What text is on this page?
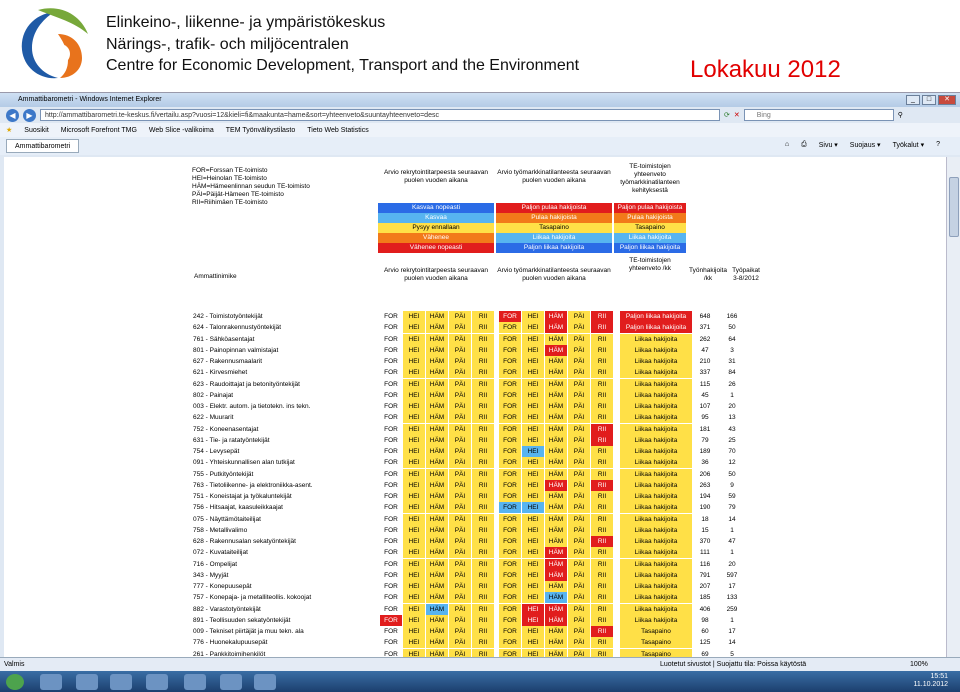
Elinkeino-, liikenne- ja ympäristökeskus
Närings-, trafik- och miljöcentralen
Centre for Economic Development, Transport and the Environment	Lokakuu 2012
Ammattibarometri - Windows Internet Explorer	_	□	✕
◀	▶	http://ammattibarometri.te-keskus.fi/vertailu.asp?vuosi=12&kieli=fi&maakunta=hame&sort=yhteenveto&suuntayhteenveto=desc	⟳ ✕	Bing	⚲
★ Suosikit Microsoft Forefront TMG Web Slice -valikoima TEM Työnvälitystilasto Tieto Web Statistics
Ammattibarometri	⌂ ⎙ Sivu ▾ Suojaus ▾ Työkalut ▾ ?
FOR=Forssan TE-toimisto
HEI=Heinolan TE-toimisto
HÄM=Hämeenlinnan seudun TE-toimisto
PÄI=Päijät-Hämeen TE-toimisto
RII=Riihimäen TE-toimisto
Arvio rekrytointitarpeesta seuraavan puolen vuoden aikana
Arvio työmarkkinatilanteesta seuraavan puolen vuoden aikana
TE-toimistojen yhteenveto työmarkkinatilanteen kehityksestä
Kasvaa nopeasti	Paljon pulaa hakijoista	Paljon pulaa hakijoista
Kasvaa	Pulaa hakijoista	Pulaa hakijoista
Pysyy ennallaan	Tasapaino	Tasapaino
Vähenee	Liikaa hakijoita	Liikaa hakijoita
Vähenee nopeasti	Paljon liikaa hakijoita	Paljon liikaa hakijoita
Ammattinimike
Arvio rekrytointitarpeesta seuraavan puolen vuoden aikana
Arvio työmarkkinatilanteesta seuraavan puolen vuoden aikana
TE-toimistojen yhteenveto /kk	Työnhakijoita /kk
Työpaikat 3-8/2012
242 - Toimistotyöntekijät	FOR	HEI	HÄM	PÄI	RII	FOR	HEI	HÄM	PÄI	RII	Paljon liikaa hakijoita	648	166
624 - Talonrakennustyöntekijät	FOR	HEI	HÄM	PÄI	RII	FOR	HEI	HÄM	PÄI	RII	Paljon liikaa hakijoita	371	50
761 - Sähköasentajat	FOR	HEI	HÄM	PÄI	RII	FOR	HEI	HÄM	PÄI	RII	Liikaa hakijoita	262	64
801 - Painopinnan valmistajat	FOR	HEI	HÄM	PÄI	RII	FOR	HEI	HÄM	PÄI	RII	Liikaa hakijoita	47	3
627 - Rakennusmaalarit	FOR	HEI	HÄM	PÄI	RII	FOR	HEI	HÄM	PÄI	RII	Liikaa hakijoita	210	31
621 - Kirvesmiehet	FOR	HEI	HÄM	PÄI	RII	FOR	HEI	HÄM	PÄI	RII	Liikaa hakijoita	337	84
623 - Raudoittajat ja betonityöntekijät	FOR	HEI	HÄM	PÄI	RII	FOR	HEI	HÄM	PÄI	RII	Liikaa hakijoita	115	26
802 - Painajat	FOR	HEI	HÄM	PÄI	RII	FOR	HEI	HÄM	PÄI	RII	Liikaa hakijoita	45	1
003 - Elektr. autom. ja tietotekn. ins tekn.	FOR	HEI	HÄM	PÄI	RII	FOR	HEI	HÄM	PÄI	RII	Liikaa hakijoita	107	20
622 - Muurarit	FOR	HEI	HÄM	PÄI	RII	FOR	HEI	HÄM	PÄI	RII	Liikaa hakijoita	95	13
752 - Koneenasentajat	FOR	HEI	HÄM	PÄI	RII	FOR	HEI	HÄM	PÄI	RII	Liikaa hakijoita	181	43
631 - Tie- ja ratatyöntekijät	FOR	HEI	HÄM	PÄI	RII	FOR	HEI	HÄM	PÄI	RII	Liikaa hakijoita	79	25
754 - Levysepät	FOR	HEI	HÄM	PÄI	RII	FOR	HEI	HÄM	PÄI	RII	Liikaa hakijoita	189	70
091 - Yhteiskunnallisen alan tutkijat	FOR	HEI	HÄM	PÄI	RII	FOR	HEI	HÄM	PÄI	RII	Liikaa hakijoita	36	12
755 - Putkityöntekijät	FOR	HEI	HÄM	PÄI	RII	FOR	HEI	HÄM	PÄI	RII	Liikaa hakijoita	206	50
763 - Tietoliikenne- ja elektroniikka-asent.	FOR	HEI	HÄM	PÄI	RII	FOR	HEI	HÄM	PÄI	RII	Liikaa hakijoita	263	9
751 - Koneistajat ja työkaluntekijät	FOR	HEI	HÄM	PÄI	RII	FOR	HEI	HÄM	PÄI	RII	Liikaa hakijoita	194	59
756 - Hitsaajat, kaasuleikkaajat	FOR	HEI	HÄM	PÄI	RII	FOR	HEI	HÄM	PÄI	RII	Liikaa hakijoita	190	79
075 - Näyttämötaiteilijat	FOR	HEI	HÄM	PÄI	RII	FOR	HEI	HÄM	PÄI	RII	Liikaa hakijoita	18	14
758 - Metallivalimo	FOR	HEI	HÄM	PÄI	RII	FOR	HEI	HÄM	PÄI	RII	Liikaa hakijoita	15	1
628 - Rakennusalan sekatyöntekijät	FOR	HEI	HÄM	PÄI	RII	FOR	HEI	HÄM	PÄI	RII	Liikaa hakijoita	370	47
072 - Kuvataiteilijat	FOR	HEI	HÄM	PÄI	RII	FOR	HEI	HÄM	PÄI	RII	Liikaa hakijoita	111	1
716 - Ompelijat	FOR	HEI	HÄM	PÄI	RII	FOR	HEI	HÄM	PÄI	RII	Liikaa hakijoita	116	20
343 - Myyjät	FOR	HEI	HÄM	PÄI	RII	FOR	HEI	HÄM	PÄI	RII	Liikaa hakijoita	791	597
777 - Konepuusepät	FOR	HEI	HÄM	PÄI	RII	FOR	HEI	HÄM	PÄI	RII	Liikaa hakijoita	207	17
757 - Konepaja- ja metalliteollis. kokoojat	FOR	HEI	HÄM	PÄI	RII	FOR	HEI	HÄM	PÄI	RII	Liikaa hakijoita	185	133
882 - Varastotyöntekijät	FOR	HEI	HÄM	PÄI	RII	FOR	HEI	HÄM	PÄI	RII	Liikaa hakijoita	406	259
891 - Teollisuuden sekatyöntekijät	FOR	HEI	HÄM	PÄI	RII	FOR	HEI	HÄM	PÄI	RII	Liikaa hakijoita	98	1
009 - Tekniset piirtäjät ja muu tekn. ala	FOR	HEI	HÄM	PÄI	RII	FOR	HEI	HÄM	PÄI	RII	Tasapaino	60	17
776 - Huonekalupuusepät	FOR	HEI	HÄM	PÄI	RII	FOR	HEI	HÄM	PÄI	RII	Tasapaino	125	14
261 - Pankkitoimihenkilöt	FOR	HEI	HÄM	PÄI	RII	FOR	HEI	HÄM	PÄI	RII	Tasapaino	69	5
Valmis	Luotetut sivustot | Suojattu tila: Poissa käytöstä	100%
15:51
11.10.2012
